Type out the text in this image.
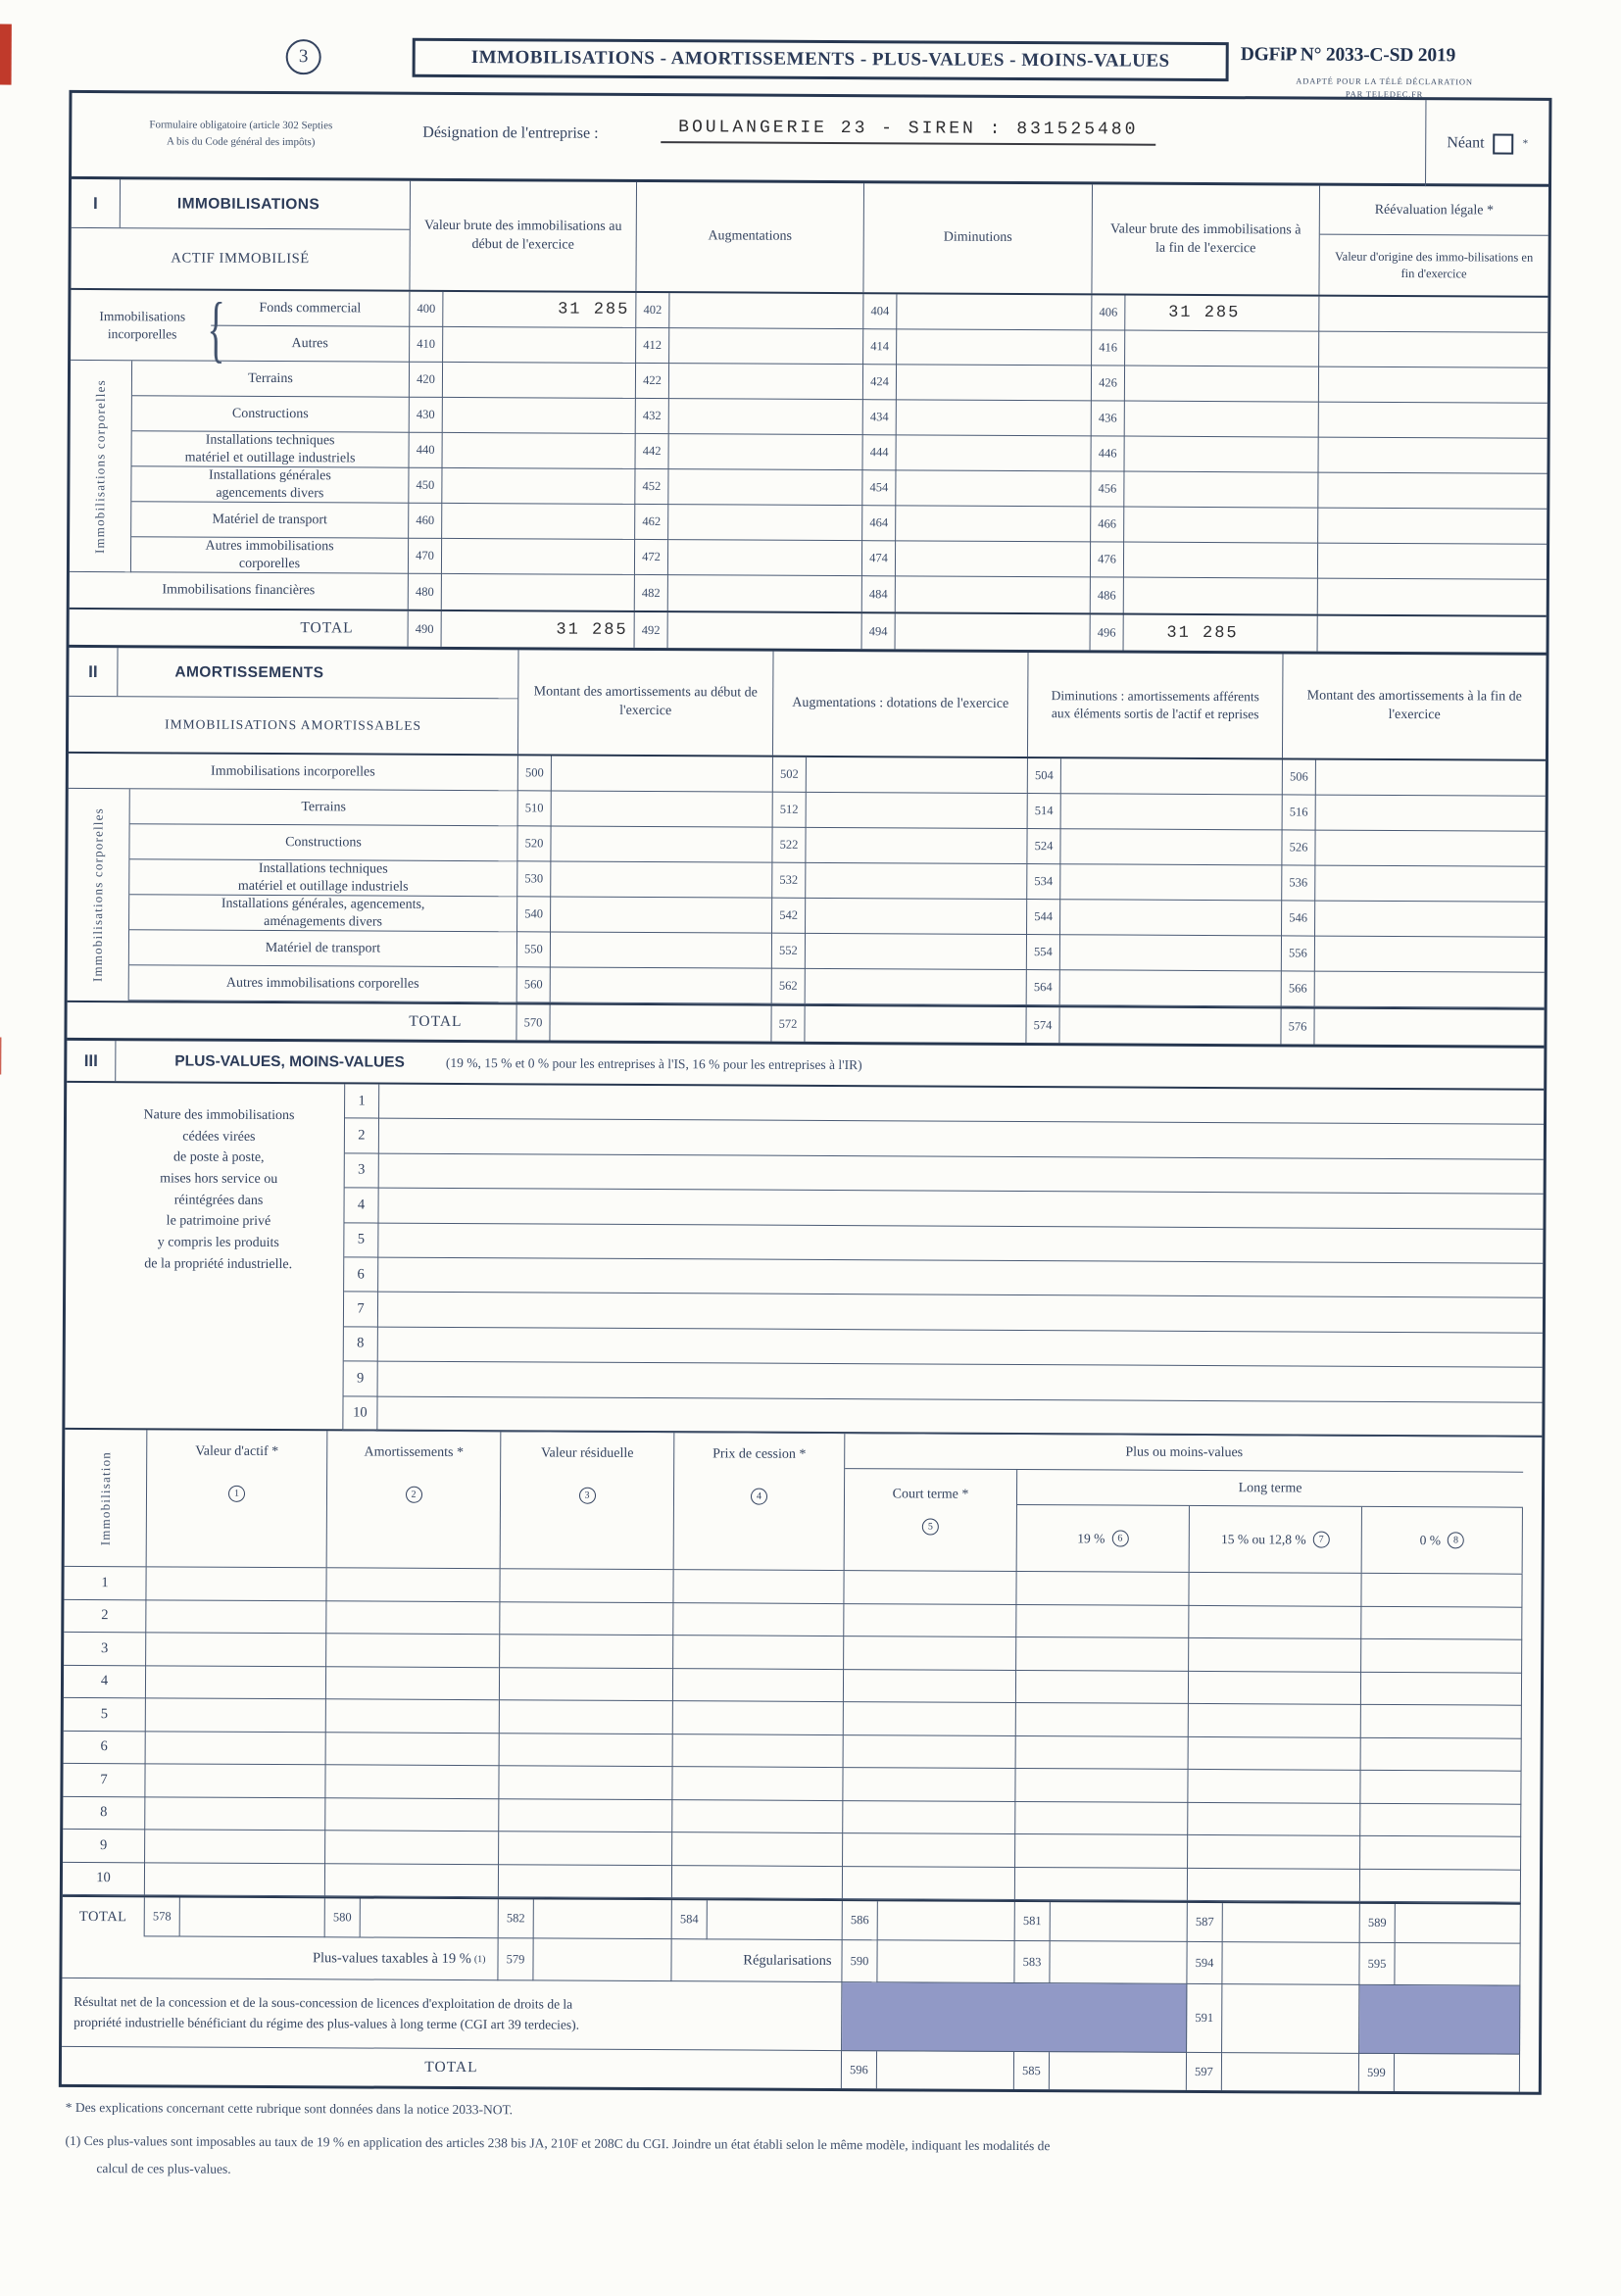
3	IMMOBILISATIONS - AMORTISSEMENTS - PLUS-VALUES - MOINS-VALUES	DGFiP N° 2033-C-SD 2019
ADAPTÉ POUR LA TÉLÉ DÉCLARATION
PAR TELEDEC.FR
Formulaire obligatoire (article 302 Septies
A bis du Code général des impôts)	Désignation de l'entreprise :	BOULANGERIE 23 - SIREN : 831525480
Néant	*
I	IMMOBILISATIONS
ACTIF IMMOBILISÉ
Valeur brute des immobilisations au début de l'exercice
Augmentations	Diminutions
Valeur brute des immobilisations à la fin de l'exercice
Réévaluation légale *
Valeur d'origine des immo-bilisations en fin d'exercice
Immobilisations incorporelles {
Immobilisations corporelles
Fonds commercial	400	31 285	402	404	406	31 285
Autres	410	412	414	416
Terrains	420	422	424	426
Constructions	430	432	434	436
Installations techniques
matériel et outillage industriels
440	442	444	446
Installations générales
agencements divers
450	452	454	456
Matériel de transport	460	462	464	466
Autres immobilisations
corporelles
470	472	474	476
Immobilisations financières	480	482	484	486
TOTAL	490	31 285	492	494	496	31 285
II	AMORTISSEMENTS
IMMOBILISATIONS AMORTISSABLES
Montant des amortissements au début de l'exercice
Augmentations : dotations de l'exercice	Diminutions : amortissements afférents aux éléments sortis de l'actif et reprises
Montant des amortissements à la fin de l'exercice
Immobilisations corporelles
Immobilisations incorporelles	500	502	504	506
Terrains	510	512	514	516
Constructions	520	522	524	526
Installations techniques
matériel et outillage industriels	530	532	534	536
Installations générales, agencements,
aménagements divers
540	542	544	546
Matériel de transport	550	552	554	556
Autres immobilisations corporelles	560	562	564	566
TOTAL	570	572	574	576
III	PLUS-VALUES, MOINS-VALUES	(19 %, 15 % et 0 % pour les entreprises à l'IS, 16 % pour les entreprises à l'IR)
Nature des immobilisations
cédées virées
de poste à poste,
mises hors service ou
réintégrées dans
le patrimoine privé
y compris les produits
de la propriété industrielle.
1
2
3
4
5
6
7
8
9
10
Immobilisation	Valeur d'actif *
1
Amortissements *
2
Valeur résiduelle
3
Prix de cession *
4
Plus ou moins-values
Court terme *
5
Long terme
19 %	6	15 % ou 12,8 %	7	0 %	8
1
2
3
4
5
6
7
8
9
10
TOTAL	578	580	582	584	586	581	587	589
Plus-values taxables à 19 % (1)	579	Régularisations	590	583	594	595
Résultat net de la concession et de la sous-concession de licences d'exploitation de droits de la
propriété industrielle bénéficiant du régime des plus-values à long terme (CGI art 39 terdecies).	591
TOTAL	596	585	597	599
* Des explications concernant cette rubrique sont données dans la notice 2033-NOT.
(1) Ces plus-values sont imposables au taux de 19 % en application des articles 238 bis JA, 210F et 208C du CGI. Joindre un état établi selon le même modèle, indiquant les modalités de
calcul de ces plus-values.
